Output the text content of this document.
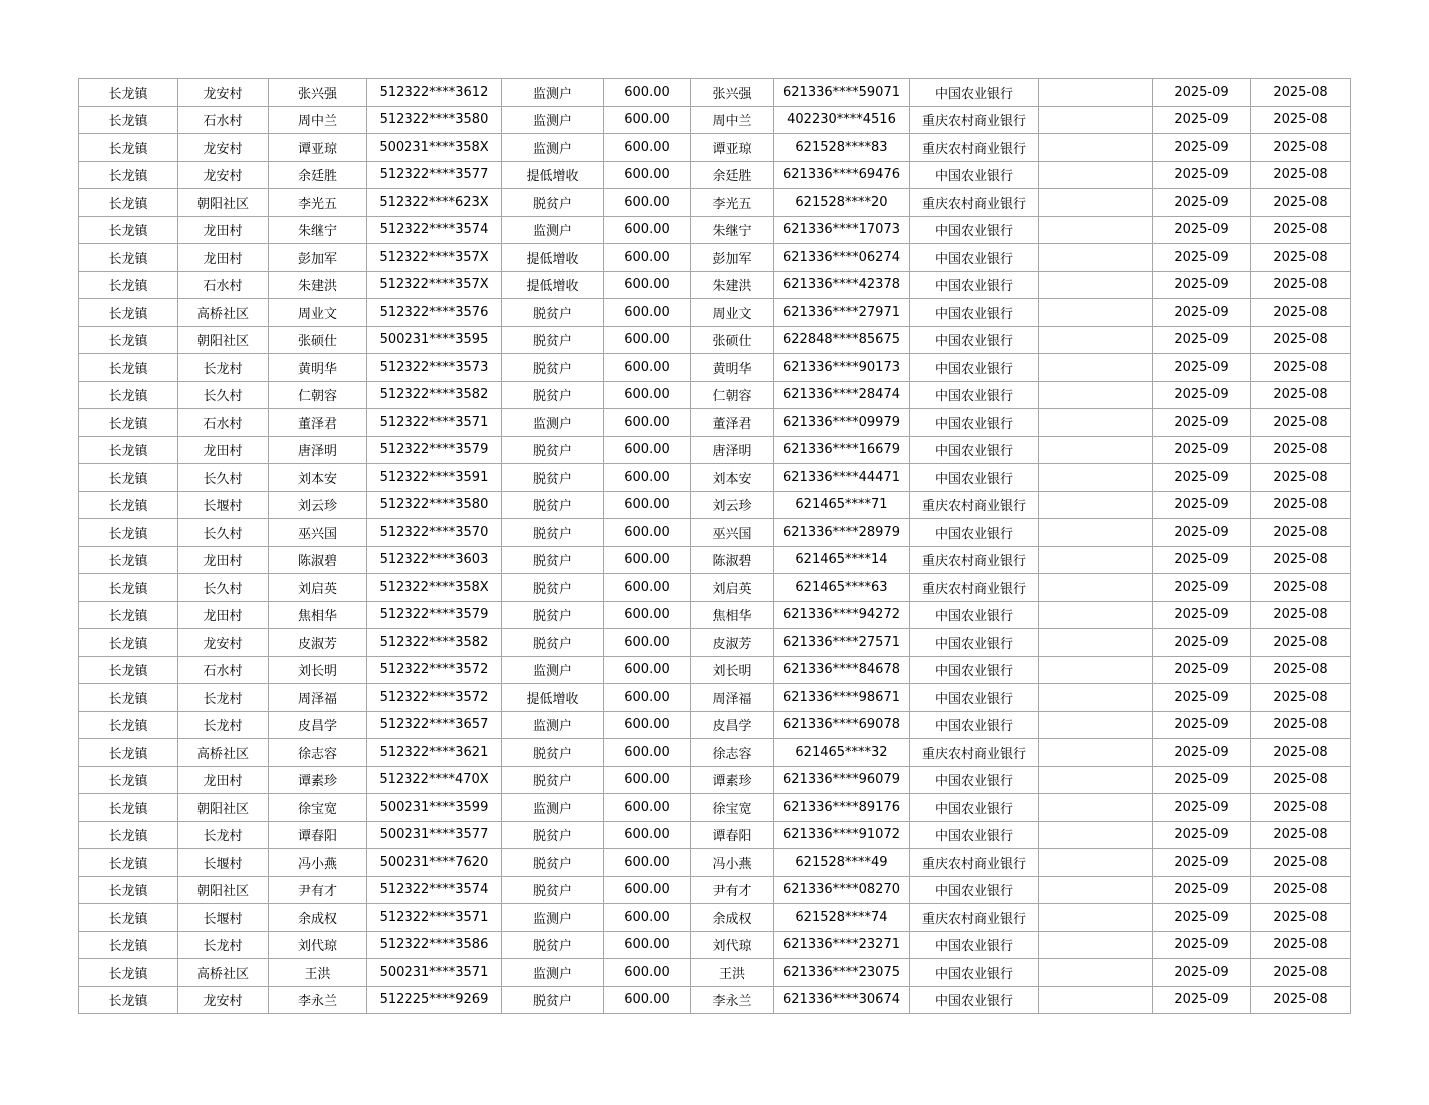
长龙镇	龙安村	张兴强	512322****3612	监测户	600.00	张兴强	621336****59071	中国农业银行		2025-09	2025-08
长龙镇	石水村	周中兰	512322****3580	监测户	600.00	周中兰	402230****4516	重庆农村商业银行		2025-09	2025-08
长龙镇	龙安村	谭亚琼	500231****358X	监测户	600.00	谭亚琼	621528****83	重庆农村商业银行		2025-09	2025-08
长龙镇	龙安村	余廷胜	512322****3577	提低增收	600.00	余廷胜	621336****69476	中国农业银行		2025-09	2025-08
长龙镇	朝阳社区	李光五	512322****623X	脱贫户	600.00	李光五	621528****20	重庆农村商业银行		2025-09	2025-08
长龙镇	龙田村	朱继宁	512322****3574	监测户	600.00	朱继宁	621336****17073	中国农业银行		2025-09	2025-08
长龙镇	龙田村	彭加军	512322****357X	提低增收	600.00	彭加军	621336****06274	中国农业银行		2025-09	2025-08
长龙镇	石水村	朱建洪	512322****357X	提低增收	600.00	朱建洪	621336****42378	中国农业银行		2025-09	2025-08
长龙镇	高桥社区	周业文	512322****3576	脱贫户	600.00	周业文	621336****27971	中国农业银行		2025-09	2025-08
长龙镇	朝阳社区	张硕仕	500231****3595	脱贫户	600.00	张硕仕	622848****85675	中国农业银行		2025-09	2025-08
长龙镇	长龙村	黄明华	512322****3573	脱贫户	600.00	黄明华	621336****90173	中国农业银行		2025-09	2025-08
长龙镇	长久村	仁朝容	512322****3582	脱贫户	600.00	仁朝容	621336****28474	中国农业银行		2025-09	2025-08
长龙镇	石水村	董泽君	512322****3571	监测户	600.00	董泽君	621336****09979	中国农业银行		2025-09	2025-08
长龙镇	龙田村	唐泽明	512322****3579	脱贫户	600.00	唐泽明	621336****16679	中国农业银行		2025-09	2025-08
长龙镇	长久村	刘本安	512322****3591	脱贫户	600.00	刘本安	621336****44471	中国农业银行		2025-09	2025-08
长龙镇	长堰村	刘云珍	512322****3580	脱贫户	600.00	刘云珍	621465****71	重庆农村商业银行		2025-09	2025-08
长龙镇	长久村	巫兴国	512322****3570	脱贫户	600.00	巫兴国	621336****28979	中国农业银行		2025-09	2025-08
长龙镇	龙田村	陈淑碧	512322****3603	脱贫户	600.00	陈淑碧	621465****14	重庆农村商业银行		2025-09	2025-08
长龙镇	长久村	刘启英	512322****358X	脱贫户	600.00	刘启英	621465****63	重庆农村商业银行		2025-09	2025-08
长龙镇	龙田村	焦相华	512322****3579	脱贫户	600.00	焦相华	621336****94272	中国农业银行		2025-09	2025-08
长龙镇	龙安村	皮淑芳	512322****3582	脱贫户	600.00	皮淑芳	621336****27571	中国农业银行		2025-09	2025-08
长龙镇	石水村	刘长明	512322****3572	监测户	600.00	刘长明	621336****84678	中国农业银行		2025-09	2025-08
长龙镇	长龙村	周泽福	512322****3572	提低增收	600.00	周泽福	621336****98671	中国农业银行		2025-09	2025-08
长龙镇	长龙村	皮昌学	512322****3657	监测户	600.00	皮昌学	621336****69078	中国农业银行		2025-09	2025-08
长龙镇	高桥社区	徐志容	512322****3621	脱贫户	600.00	徐志容	621465****32	重庆农村商业银行		2025-09	2025-08
长龙镇	龙田村	谭素珍	512322****470X	脱贫户	600.00	谭素珍	621336****96079	中国农业银行		2025-09	2025-08
长龙镇	朝阳社区	徐宝宽	500231****3599	监测户	600.00	徐宝宽	621336****89176	中国农业银行		2025-09	2025-08
长龙镇	长龙村	谭春阳	500231****3577	脱贫户	600.00	谭春阳	621336****91072	中国农业银行		2025-09	2025-08
长龙镇	长堰村	冯小燕	500231****7620	脱贫户	600.00	冯小燕	621528****49	重庆农村商业银行		2025-09	2025-08
长龙镇	朝阳社区	尹有才	512322****3574	脱贫户	600.00	尹有才	621336****08270	中国农业银行		2025-09	2025-08
长龙镇	长堰村	余成权	512322****3571	监测户	600.00	余成权	621528****74	重庆农村商业银行		2025-09	2025-08
长龙镇	长龙村	刘代琼	512322****3586	脱贫户	600.00	刘代琼	621336****23271	中国农业银行		2025-09	2025-08
长龙镇	高桥社区	王洪	500231****3571	监测户	600.00	王洪	621336****23075	中国农业银行		2025-09	2025-08
长龙镇	龙安村	李永兰	512225****9269	脱贫户	600.00	李永兰	621336****30674	中国农业银行		2025-09	2025-08
